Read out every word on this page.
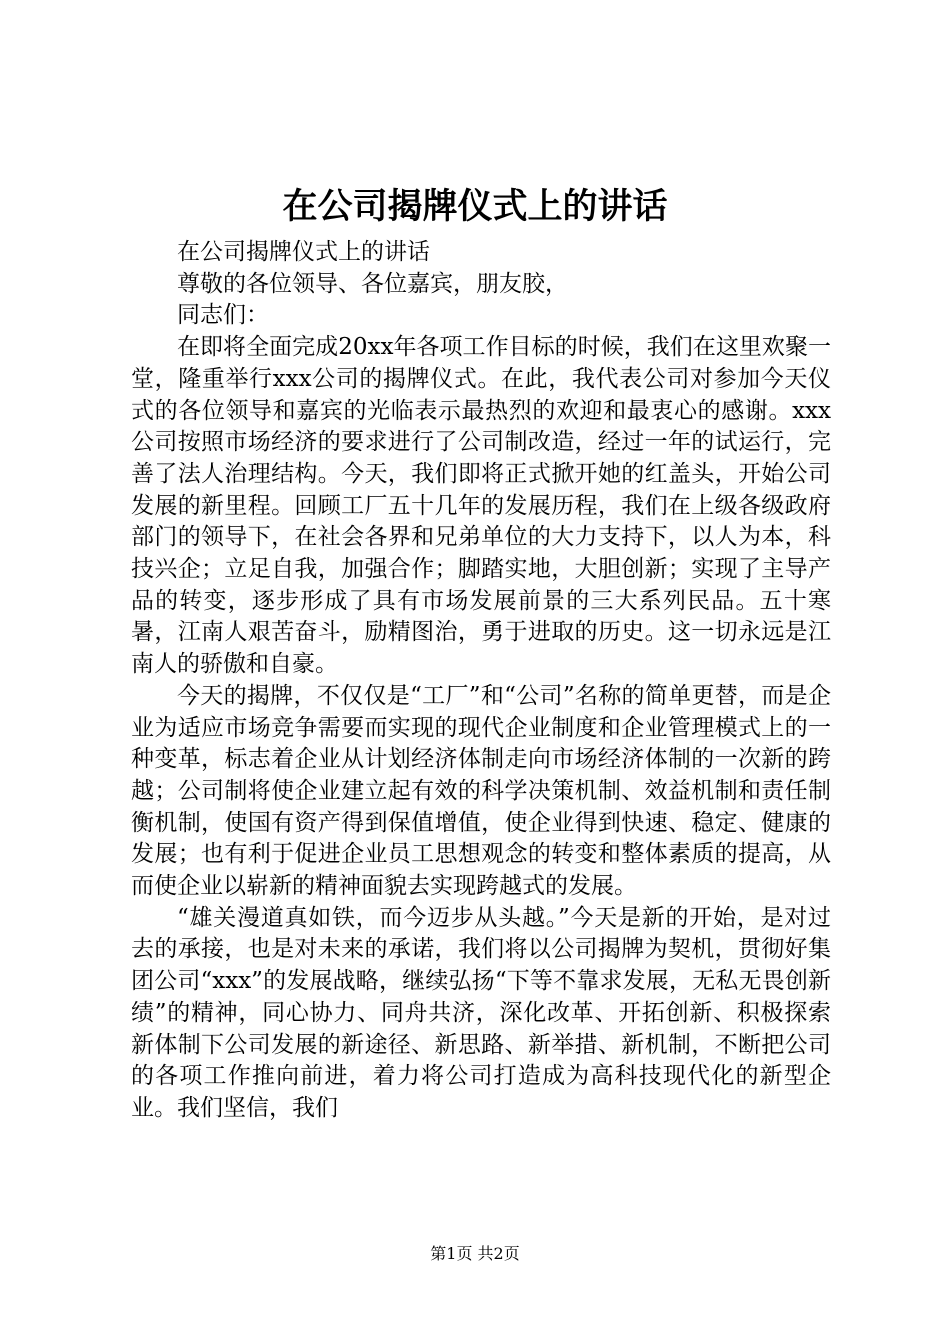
在公司揭牌仪式上的讲话

在公司揭牌仪式上的讲话

尊敬的各位领导、各位嘉宾，朋友胶，

同志们：

在即将全面完成20xx年各项工作目标的时候，我们在这里欢聚一堂，隆重举行xxx公司的揭牌仪式。在此，我代表公司对参加今天仪式的各位领导和嘉宾的光临表示最热烈的欢迎和最衷心的感谢。xxx公司按照市场经济的要求进行了公司制改造，经过一年的试运行，完善了法人治理结构。今天，我们即将正式掀开她的红盖头，开始公司发展的新里程。回顾工厂五十几年的发展历程，我们在上级各级政府部门的领导下，在社会各界和兄弟单位的大力支持下，以人为本，科技兴企；立足自我，加强合作；脚踏实地，大胆创新；实现了主导产品的转变，逐步形成了具有市场发展前景的三大系列民品。五十寒暑，江南人艰苦奋斗，励精图治，勇于进取的历史。这一切永远是江南人的骄傲和自豪。

今天的揭牌，不仅仅是“工厂”和“公司”名称的简单更替，而是企业为适应市场竞争需要而实现的现代企业制度和企业管理模式上的一种变革，标志着企业从计划经济体制走向市场经济体制的一次新的跨越；公司制将使企业建立起有效的科学决策机制、效益机制和责任制衡机制，使国有资产得到保值增值，使企业得到快速、稳定、健康的发展；也有利于促进企业员工思想观念的转变和整体素质的提高，从而使企业以崭新的精神面貌去实现跨越式的发展。

“雄关漫道真如铁，而今迈步从头越。”今天是新的开始，是对过去的承接，也是对未来的承诺，我们将以公司揭牌为契机，贯彻好集团公司“xxx”的发展战略，继续弘扬“下等不靠求发展，无私无畏创新绩”的精神，同心协力、同舟共济，深化改革、开拓创新、积极探索新体制下公司发展的新途径、新思路、新举措、新机制，不断把公司的各项工作推向前进，着力将公司打造成为高科技现代化的新型企业。我们坚信，我们

第1页 共2页
